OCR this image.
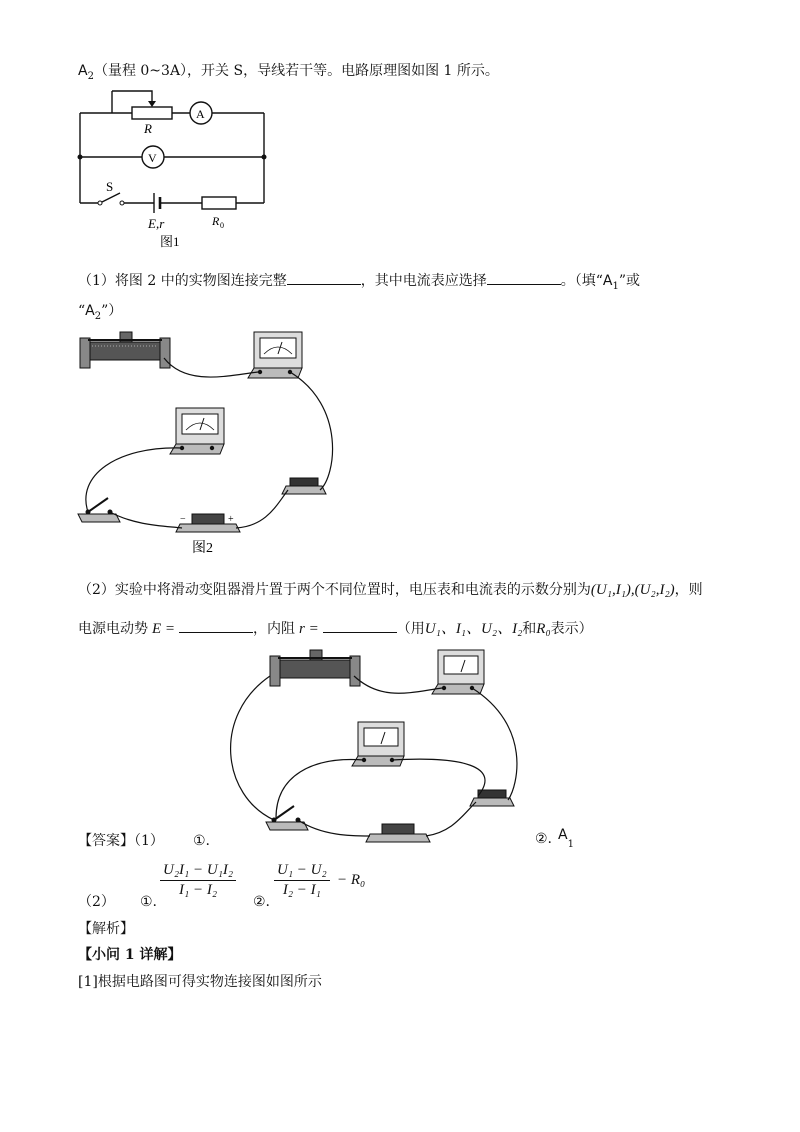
$A_2$（量程 0~3A），开关 S，导线若干等。电路原理图如图 1 所示。
R
A
V
S
E,r	R 0
图1
（1）将图 2 中的实物图连接完整	，其中电流表应选择	。（填“$A_1$”或
“$A_2$”）
−	+
图2
（2）实验中将滑动变阻器滑片置于两个不同位置时，电压表和电流表的示数分别为(U₁,I₁),(U₂,I₂)，则
电源电动势 E =	，内阻 r =	（用U₁、I₁、U₂、I₂和R₀表示）
【答案】（1） ①.	②. $A_1$
（2） ①.
$\frac{\text{U₂I₁ − U₁I₂}}{\text{I₁ − I₂}}$
②.
$\frac{\text{U₁ − U₂}}{\text{I₂ − I₁}} - R_0$
【解析】
【小问 1 详解】
[1]根据电路图可得实物连接图如图所示
